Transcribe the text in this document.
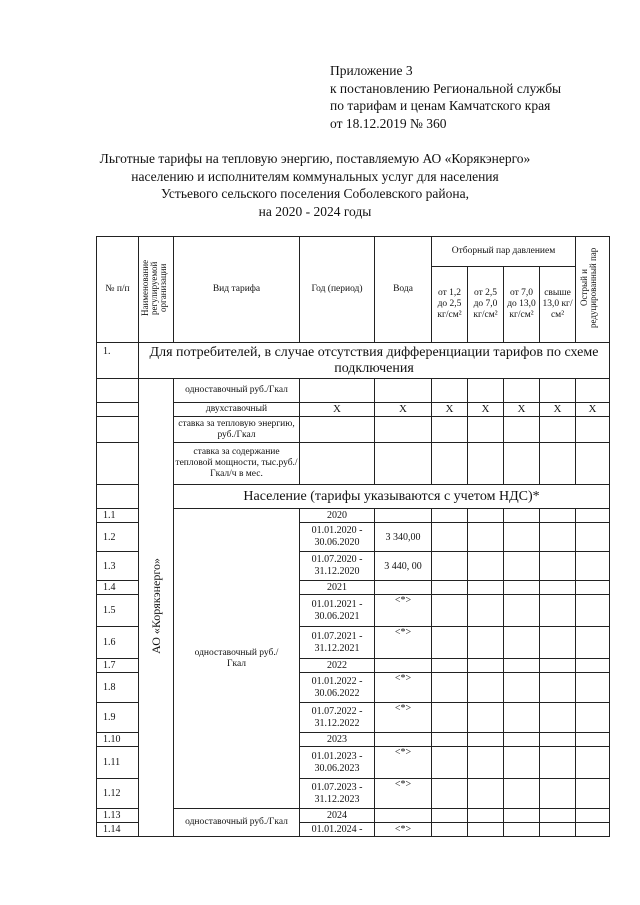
Приложение 3
к постановлению Региональной службы
по тарифам и ценам Камчатского края
от 18.12.2019 № 360
Льготные тарифы на тепловую энергию, поставляемую АО «Корякэнерго»
населению и исполнителям коммунальных услуг для населения
Устьевого сельского поселения Соболевского района,
на 2020 - 2024 годы
№ п/п	Наименование регулируемой организации	Вид тарифа	Год (период)	Вода	Отборный пар давлением				Острый и редуцированный пар
					от 1,2 до 2,5 кг/см²	от 2,5 до 7,0 кг/см²	от 7,0 до 13,0 кг/см²	свыше 13,0 кг/см²	
1.	Для потребителей, в случае отсутствия дифференциации тарифов по схеме подключения								
	АО «Корякэнерго»	одноставочный руб./Гкал							
		двухставочный	X	X	X	X	X	X	X
		ставка за тепловую энергию, руб./Гкал							
		ставка за содержание тепловой мощности, тыс.руб./Гкал/ч в мес.							
		Население (тарифы указываются с учетом НДС)*							
1.1		одноставочный руб./Гкал	2020						
1.2			01.01.2020 - 30.06.2020	3 340,00					
1.3			01.07.2020 - 31.12.2020	3 440, 00					
1.4			2021						
1.5			01.01.2021 - 30.06.2021	<*>					
1.6			01.07.2021 - 31.12.2021	<*>					
1.7			2022						
1.8			01.01.2022 - 30.06.2022	<*>					
1.9			01.07.2022 - 31.12.2022	<*>					
1.10			2023						
1.11			01.01.2023 - 30.06.2023	<*>					
1.12			01.07.2023 - 31.12.2023	<*>					
1.13		одноставочный руб./Гкал	2024						
1.14			01.01.2024 -	<*>					
